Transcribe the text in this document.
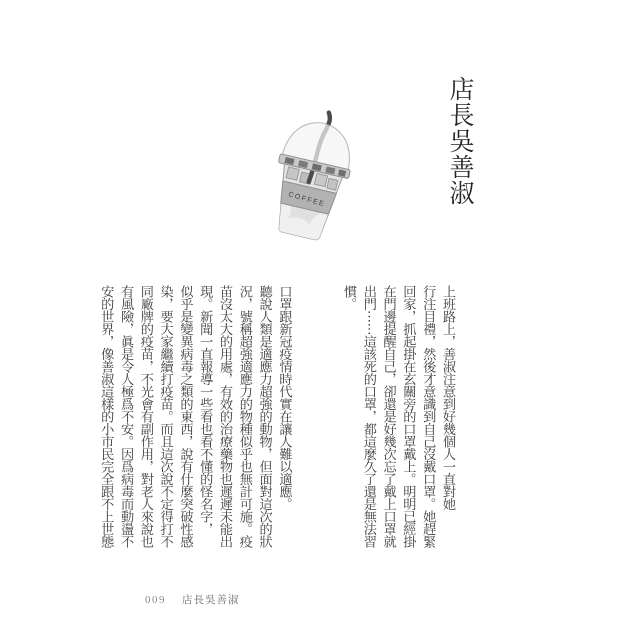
店長吳善淑
COFFEE
上班路上，善淑注意到好幾個人一直對她
行注目禮，然後才意識到自己沒戴口罩。她趕緊
回家，抓起掛在玄關旁的口罩戴上。明明已經掛
在門邊提醒自己，卻還是好幾次忘了戴上口罩就
出門⋯⋯這該死的口罩，都這麼久了還是無法習
慣。
口罩跟新冠疫情時代實在讓人難以適應。
聽說人類是適應力超強的動物，但面對這次的狀
況，號稱超強適應力的物種似乎也無計可施。疫
苗沒太大的用處，有效的治療藥物也遲遲未能出
現。新聞一直報導一些看也看不懂的怪名字，
似乎是變異病毒之類的東西，說有什麼突破性感
染，要大家繼續打疫苗。而且這次說不定得打不
同廠牌的疫苗，不光會有副作用，對老人來說也
有風險，眞是令人極爲不安。因爲病毒而動盪不
安的世界，像善淑這樣的小市民完全跟不上世態
009 店長吳善淑
